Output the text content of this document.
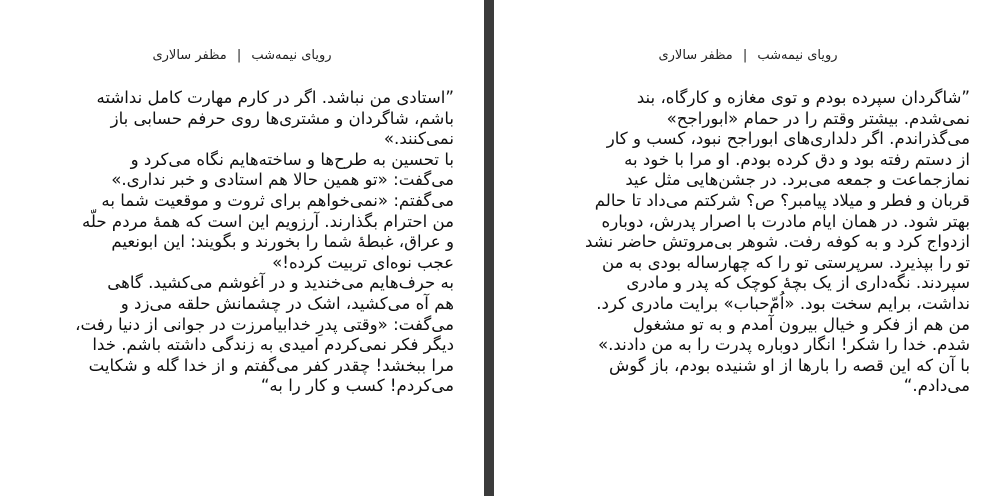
رویای نیمه‌شب | مظفر سالاری
”استادی من نباشد. اگر در کارم مهارت کامل نداشته
باشم، شاگردان و مشتری‌ها روی حرفم حسابی باز
نمی‌کنند.»
با تحسین به طرح‌ها و ساخته‌هایم نگاه می‌کرد و
می‌گفت: «تو همین حالا هم استادی و خبر نداری.»
می‌گفتم: «نمی‌خواهم برای ثروت و موقعیت شما به
من احترام بگذارند. آرزویم این است که همهٔ مردم حلّه
و عراق، غبطهٔ شما را بخورند و بگویند: این ابونعیم
عجب نوه‌ای تربیت کرده!»
به حرف‌هایم می‌خندید و در آغوشم می‌کشید. گاهی
هم آه می‌کشید، اشک در چشمانش حلقه می‌زد و
می‌گفت: «وقتی پدرِ خدابیامرزت در جوانی از دنیا رفت،
دیگر فکر نمی‌کردم امیدی به زندگی داشته باشم. خدا
مرا ببخشد! چقدر کفر می‌گفتم و از خدا گله و شکایت
می‌کردم! کسب و کار را به“
رویای نیمه‌شب | مظفر سالاری
”شاگردان سپرده بودم و توی مغازه و کارگاه، بند
نمی‌شدم. بیشتر وقتم را در حمام «ابوراجح»
می‌گذراندم. اگر دلداری‌های ابوراجح نبود، کسب و کار
از دستم رفته بود و دق کرده بودم. او مرا با خود به
نمازجماعت و جمعه می‌برد. در جشن‌هایی مثل عید
قربان و فطر و میلاد پیامبر؟ ص؟ شرکتم می‌داد تا حالم
بهتر شود. در همان ایام مادرت با اصرار پدرش، دوباره
ازدواج کرد و به کوفه رفت. شوهر بی‌مروتش حاضر نشد
تو را بپذیرد. سرپرستی تو را که چهارساله بودی به من
سپردند. نگه‌داری از یک بچهٔ کوچک که پدر و مادری
نداشت، برایم سخت بود. «اُمّ‌حباب» برایت مادری کرد.
من هم از فکر و خیال بیرون آمدم و به تو مشغول
شدم. خدا را شکر! انگار دوباره پدرت را به من دادند.»
با آن که این قصه را بارها از او شنیده بودم، باز گوش
می‌دادم.“
